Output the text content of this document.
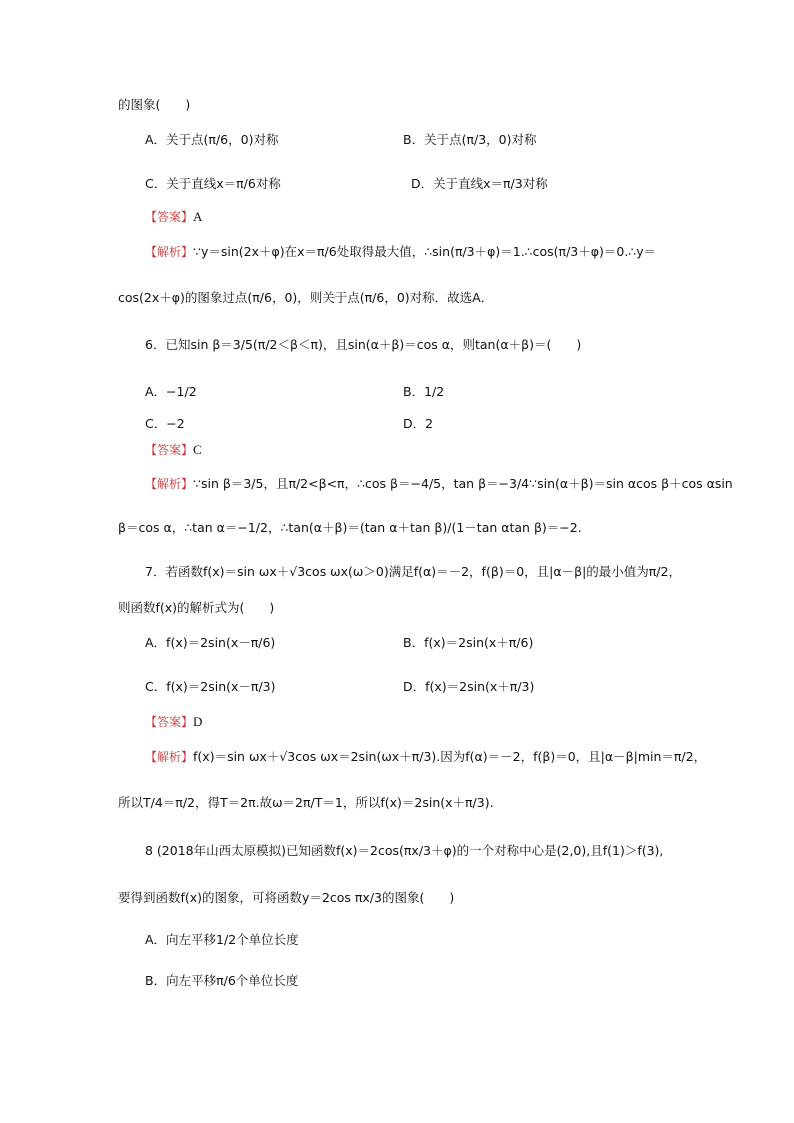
的图象(　　)
A．关于点(π/6，0)对称	B．关于点(π/3，0)对称
C．关于直线x＝π/6对称	D．关于直线x＝π/3对称
【答案】A
【解析】∵y＝sin(2x＋φ)在x＝π/6处取得最大值，∴sin(π/3＋φ)＝1.∴cos(π/3＋φ)＝0.∴y＝
cos(2x＋φ)的图象过点(π/6，0)，则关于点(π/6，0)对称．故选A．
6．已知sin β＝3/5(π/2＜β＜π)，且sin(α＋β)＝cos α，则tan(α＋β)＝(　　)
A．−1/2	B．1/2
C．−2	D．2
【答案】C
【解析】∵sin β＝3/5，且π/2<β<π，∴cos β＝−4/5，tan β＝−3/4∵sin(α＋β)＝sin αcos β＋cos αsin
β＝cos α，∴tan α＝−1/2，∴tan(α＋β)＝(tan α＋tan β)/(1－tan αtan β)＝−2.
7．若函数f(x)＝sin ωx＋√3cos ωx(ω＞0)满足f(α)＝－2，f(β)＝0，且|α－β|的最小值为π/2，
则函数f(x)的解析式为(　　)
A．f(x)＝2sin(x－π/6)	B．f(x)＝2sin(x＋π/6)
C．f(x)＝2sin(x－π/3)	D．f(x)＝2sin(x＋π/3)
【答案】D
【解析】f(x)＝sin ωx＋√3cos ωx＝2sin(ωx＋π/3).因为f(α)＝－2，f(β)＝0，且|α－β|min＝π/2，
所以T/4＝π/2，得T＝2π.故ω＝2π/T＝1，所以f(x)＝2sin(x＋π/3).
8 (2018年山西太原模拟)已知函数f(x)＝2cos(πx/3＋φ)的一个对称中心是(2,0),且f(1)＞f(3),
要得到函数f(x)的图象，可将函数y＝2cos πx/3的图象(　　)
A．向左平移1/2个单位长度
B．向左平移π/6个单位长度
